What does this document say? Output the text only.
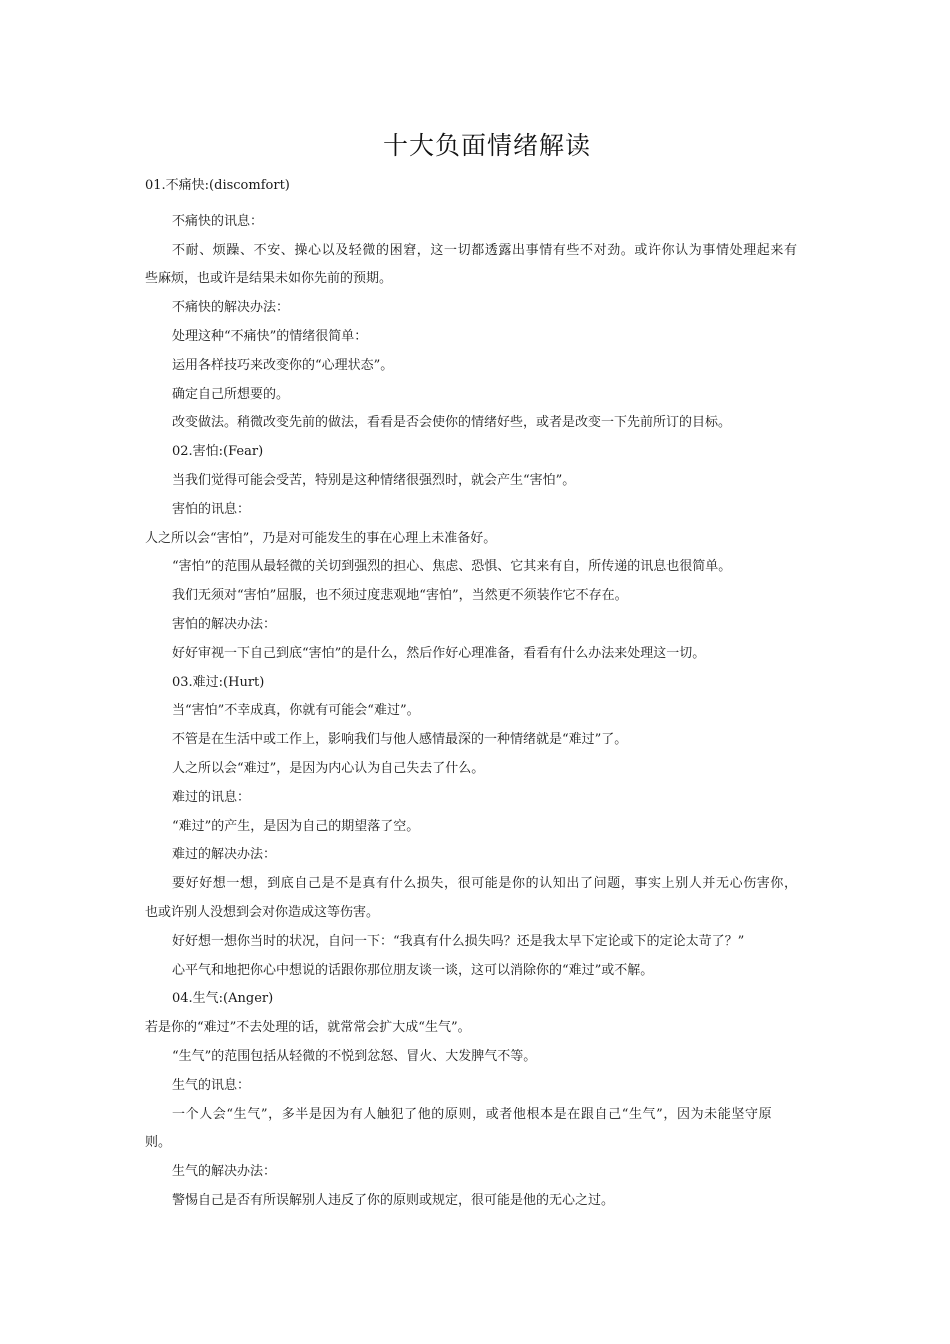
十大负面情绪解读
01.不痛快:(discomfort)
不痛快的讯息：
不耐、烦躁、不安、操心以及轻微的困窘，这一切都透露出事情有些不对劲。或许你认为事情处理起来有
些麻烦，也或许是结果未如你先前的预期。
不痛快的解决办法：
处理这种“不痛快”的情绪很简单：
运用各样技巧来改变你的“心理状态”。
确定自己所想要的。
改变做法。稍微改变先前的做法，看看是否会使你的情绪好些，或者是改变一下先前所订的目标。
02.害怕:(Fear)
当我们觉得可能会受苦，特别是这种情绪很强烈时，就会产生“害怕”。
害怕的讯息：
人之所以会“害怕”，乃是对可能发生的事在心理上未准备好。
“害怕”的范围从最轻微的关切到强烈的担心、焦虑、恐惧、它其来有自，所传递的讯息也很简单。
我们无须对“害怕”屈服，也不须过度悲观地“害怕”，当然更不须装作它不存在。
害怕的解决办法：
好好审视一下自己到底“害怕”的是什么，然后作好心理准备，看看有什么办法来处理这一切。
03.难过:(Hurt)
当“害怕”不幸成真，你就有可能会“难过”。
不管是在生活中或工作上，影响我们与他人感情最深的一种情绪就是“难过”了。
人之所以会“难过”，是因为内心认为自己失去了什么。
难过的讯息：
“难过”的产生，是因为自己的期望落了空。
难过的解决办法：
要好好想一想，到底自己是不是真有什么损失，很可能是你的认知出了问题，事实上别人并无心伤害你，
也或许别人没想到会对你造成这等伤害。
好好想一想你当时的状况，自问一下：“我真有什么损失吗？还是我太早下定论或下的定论太苛了？”
心平气和地把你心中想说的话跟你那位朋友谈一谈，这可以消除你的“难过”或不解。
04.生气:(Anger)
若是你的“难过”不去处理的话，就常常会扩大成“生气”。
“生气”的范围包括从轻微的不悦到忿怒、冒火、大发脾气不等。
生气的讯息：
一个人会“生气”，多半是因为有人触犯了他的原则，或者他根本是在跟自己“生气”，因为未能坚守原
则。
生气的解决办法：
警惕自己是否有所误解别人违反了你的原则或规定，很可能是他的无心之过。
